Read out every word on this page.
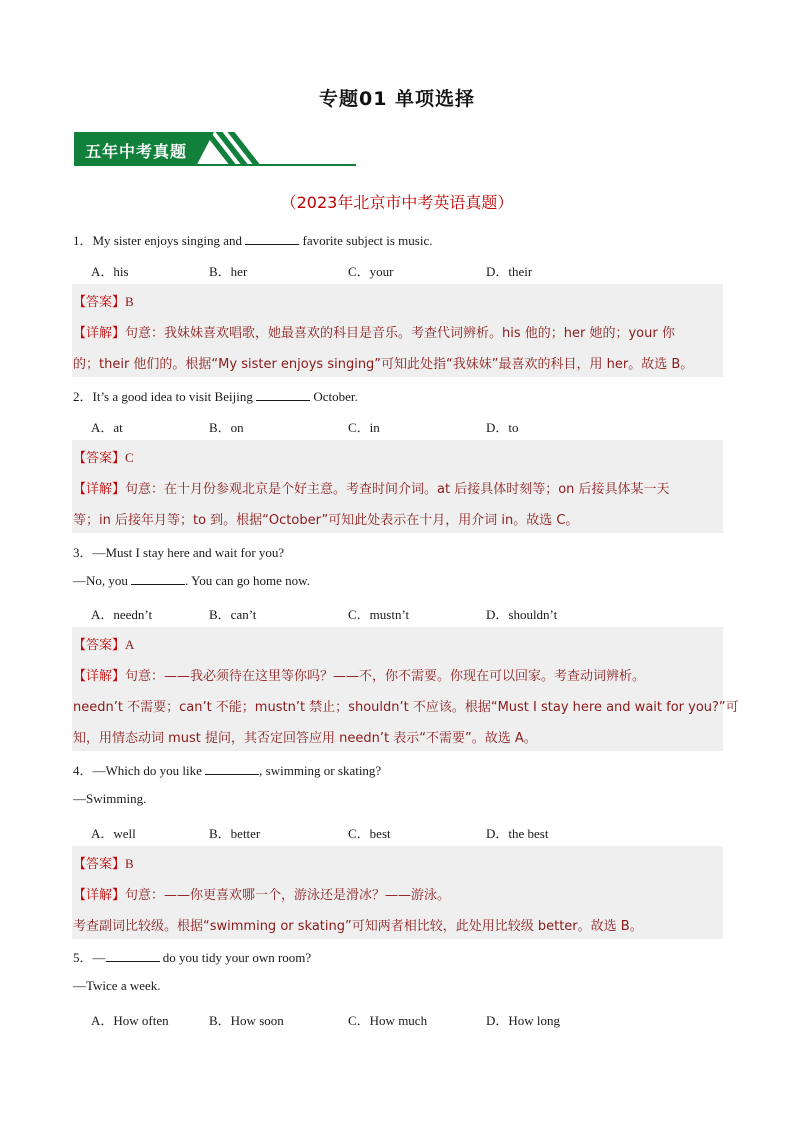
专题01 单项选择
五年中考真题
（2023年北京市中考英语真题）
1．My sister enjoys singing and	favorite subject is music.
A．his	B．her	C．your	D．their
【答案】B
【详解】句意：我妹妹喜欢唱歌，她最喜欢的科目是音乐。考查代词辨析。his 他的；her 她的；your 你
的；their 他们的。根据“My sister enjoys singing”可知此处指“我妹妹”最喜欢的科目，用 her。故选 B。
2．It’s a good idea to visit Beijing	October.
A．at	B．on	C．in	D．to
【答案】C
【详解】句意：在十月份参观北京是个好主意。考查时间介词。at 后接具体时刻等；on 后接具体某一天
等；in 后接年月等；to 到。根据“October”可知此处表示在十月，用介词 in。故选 C。
3．—Must I stay here and wait for you?
—No, you	. You can go home now.
A．needn’t	B．can’t	C．mustn’t	D．shouldn’t
【答案】A
【详解】句意：——我必须待在这里等你吗？——不，你不需要。你现在可以回家。考查动词辨析。
needn’t 不需要；can’t 不能；mustn’t 禁止；shouldn’t 不应该。根据“Must I stay here and wait for you?”可
知，用情态动词 must 提问，其否定回答应用 needn’t 表示“不需要”。故选 A。
4．—Which do you like	, swimming or skating?
—Swimming.
A．well	B．better	C．best	D．the best
【答案】B
【详解】句意：——你更喜欢哪一个，游泳还是滑冰？——游泳。
考查副词比较级。根据“swimming or skating”可知两者相比较，此处用比较级 better。故选 B。
5．—	do you tidy your own room?
—Twice a week.
A．How often	B．How soon	C．How much	D．How long
